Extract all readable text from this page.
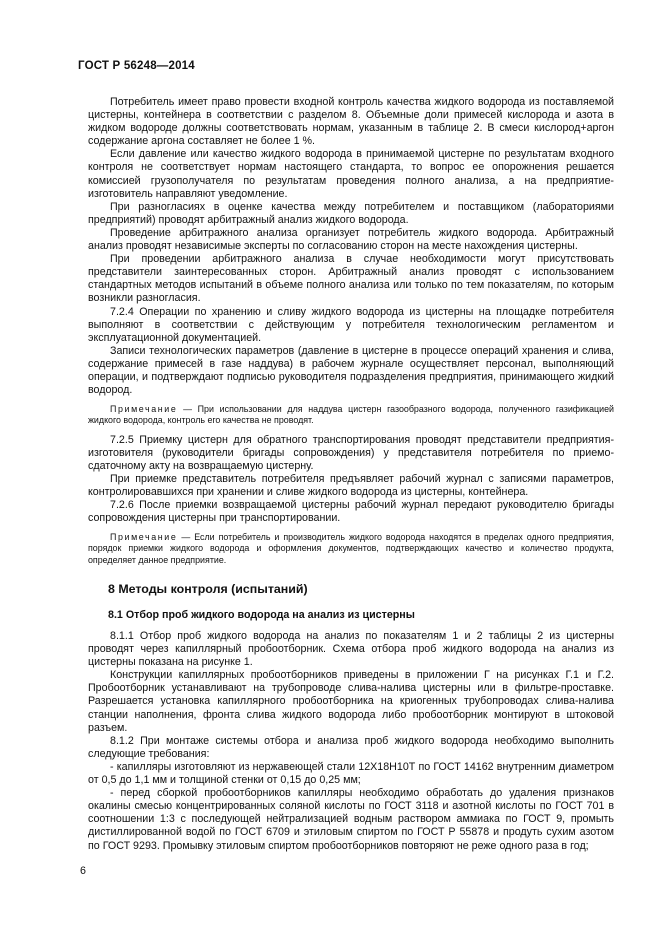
ГОСТ Р 56248—2014

Потребитель имеет право провести входной контроль качества жидкого водорода из поставляемой цистерны, контейнера в соответствии с разделом 8. Объемные доли примесей кислорода и азота в жидком водороде должны соответствовать нормам, указанным в таблице 2. В смеси кислород+аргон содержание аргона составляет не более 1 %.

Если давление или качество жидкого водорода в принимаемой цистерне по результатам входного контроля не соответствует нормам настоящего стандарта, то вопрос ее опорожнения решается комиссией грузополучателя по результатам проведения полного анализа, а на предприятие-изготовитель направляют уведомление.

При разногласиях в оценке качества между потребителем и поставщиком (лабораториями предприятий) проводят арбитражный анализ жидкого водорода.

Проведение арбитражного анализа организует потребитель жидкого водорода. Арбитражный анализ проводят независимые эксперты по согласованию сторон на месте нахождения цистерны.

При проведении арбитражного анализа в случае необходимости могут присутствовать представители заинтересованных сторон. Арбитражный анализ проводят с использованием стандартных методов испытаний в объеме полного анализа или только по тем показателям, по которым возникли разногласия.

7.2.4 Операции по хранению и сливу жидкого водорода из цистерны на площадке потребителя выполняют в соответствии с действующим у потребителя технологическим регламентом и эксплуатационной документацией.

Записи технологических параметров (давление в цистерне в процессе операций хранения и слива, содержание примесей в газе наддува) в рабочем журнале осуществляет персонал, выполняющий операции, и подтверждают подписью руководителя подразделения предприятия, принимающего жидкий водород.

Примечание — При использовании для наддува цистерн газообразного водорода, полученного газификацией жидкого водорода, контроль его качества не проводят.

7.2.5 Приемку цистерн для обратного транспортирования проводят представители предприятия-изготовителя (руководители бригады сопровождения) у представителя потребителя по приемо-сдаточному акту на возвращаемую цистерну.

При приемке представитель потребителя предъявляет рабочий журнал с записями параметров, контролировавшихся при хранении и сливе жидкого водорода из цистерны, контейнера.

7.2.6 После приемки возвращаемой цистерны рабочий журнал передают руководителю бригады сопровождения цистерны при транспортировании.

Примечание — Если потребитель и производитель жидкого водорода находятся в пределах одного предприятия, порядок приемки жидкого водорода и оформления документов, подтверждающих качество и количество продукта, определяет данное предприятие.

8 Методы контроля (испытаний)
8.1 Отбор проб жидкого водорода на анализ из цистерны

8.1.1 Отбор проб жидкого водорода на анализ по показателям 1 и 2 таблицы 2 из цистерны проводят через капиллярный пробоотборник. Схема отбора проб жидкого водорода на анализ из цистерны показана на рисунке 1.

Конструкции капиллярных пробоотборников приведены в приложении Г на рисунках Г.1 и Г.2. Пробоотборник устанавливают на трубопроводе слива-налива цистерны или в фильтре-проставке. Разрешается установка капиллярного пробоотборника на криогенных трубопроводах слива-налива станции наполнения, фронта слива жидкого водорода либо пробоотборник монтируют в штоковой разъем.

8.1.2 При монтаже системы отбора и анализа проб жидкого водорода необходимо выполнить следующие требования:

- капилляры изготовляют из нержавеющей стали 12Х18Н10Т по ГОСТ 14162 внутренним диаметром от 0,5 до 1,1 мм и толщиной стенки от 0,15 до 0,25 мм;

- перед сборкой пробоотборников капилляры необходимо обработать до удаления признаков окалины смесью концентрированных соляной кислоты по ГОСТ 3118 и азотной кислоты по ГОСТ 701 в соотношении 1:3 с последующей нейтрализацией водным раствором аммиака по ГОСТ 9, промыть дистиллированной водой по ГОСТ 6709 и этиловым спиртом по ГОСТ Р 55878 и продуть сухим азотом по ГОСТ 9293. Промывку этиловым спиртом пробоотборников повторяют не реже одного раза в год;

6
